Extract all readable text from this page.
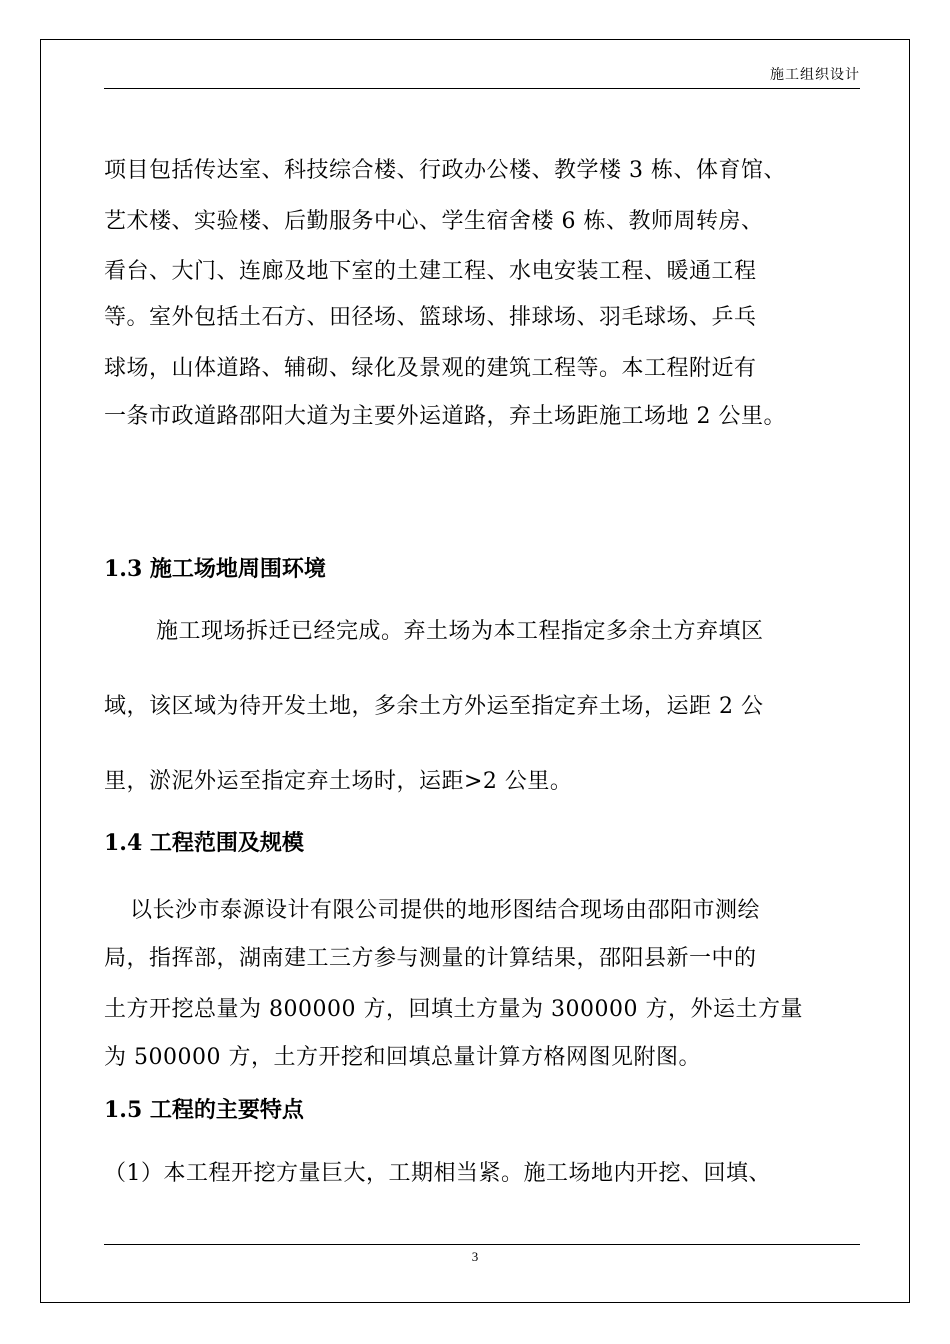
施工组织设计
项目包括传达室、科技综合楼、行政办公楼、教学楼 3 栋、体育馆、
艺术楼、实验楼、后勤服务中心、学生宿舍楼 6 栋、教师周转房、
看台、大门、连廊及地下室的土建工程、水电安装工程、暖通工程
等。室外包括土石方、田径场、篮球场、排球场、羽毛球场、乒乓
球场，山体道路、辅砌、绿化及景观的建筑工程等。本工程附近有
一条市政道路邵阳大道为主要外运道路，弃土场距施工场地 2 公里。
1.3 施工场地周围环境
施工现场拆迁已经完成。弃土场为本工程指定多余土方弃填区
域，该区域为待开发土地，多余土方外运至指定弃土场，运距 2 公
里，淤泥外运至指定弃土场时，运距>2 公里。
1.4 工程范围及规模
以长沙市泰源设计有限公司提供的地形图结合现场由邵阳市测绘
局，指挥部，湖南建工三方参与测量的计算结果，邵阳县新一中的
土方开挖总量为 800000 方，回填土方量为 300000 方，外运土方量
为 500000 方，土方开挖和回填总量计算方格网图见附图。
1.5 工程的主要特点
（1）本工程开挖方量巨大，工期相当紧。施工场地内开挖、回填、
3
